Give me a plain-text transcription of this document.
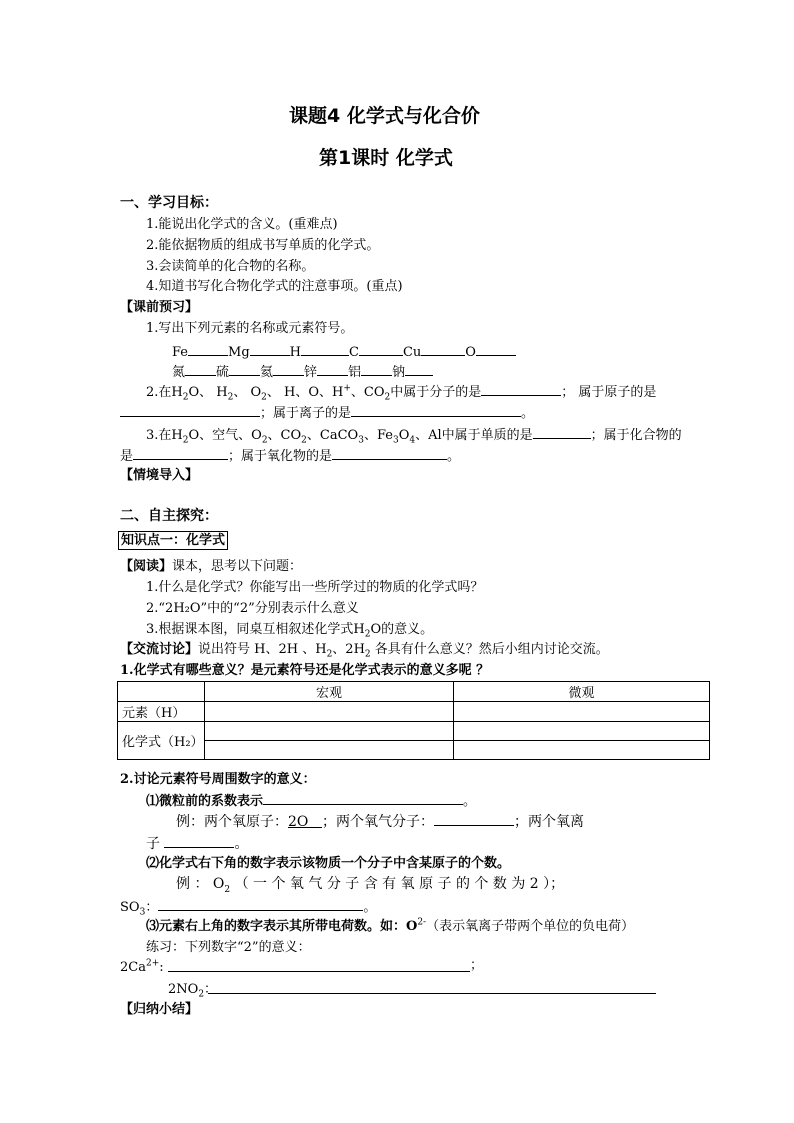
课题4 化学式与化合价
第1课时 化学式
一、学习目标：
1.能说出化学式的含义。(重难点)
2.能依据物质的组成书写单质的化学式。
3.会读简单的化合物的名称。
4.知道书写化合物化学式的注意事项。(重点)
【课前预习】
1.写出下列元素的名称或元素符号。
Fe	Mg	H	C	Cu	O
氮 硫 氦 锌 铝 钠
2.在$H_2O$、 $H_2$、 $O_2$、 H、O、H+、$CO_2$中属于分子的是	； 属于原子的是
；属于离子的是	。
3.在$H_2O$、空气、$O_2$、$CO_2$、CaCO$_3$、$Fe_3O_4$、Al中属于单质的是	；属于化合物的
是	；属于氧化物的是	。
【情境导入】
二、自主探究：
知识点一：化学式
【阅读】课本，思考以下问题：
1.什么是化学式？你能写出一些所学过的物质的化学式吗？
2.“2H₂O”中的“2”分别表示什么意义
3.根据课本图，同桌互相叙述化学式$H_2O$的意义。
【交流讨论】说出符号 H、2H 、$H_2$、$2H_2$ 各具有什么意义？然后小组内讨论交流。
1.化学式有哪些意义？是元素符号还是化学式表示的意义多呢 ？
	宏观	微观
元素（H）		
化学式（H₂）		

2.讨论元素符号周围数字的意义：
⑴微粒前的系数表示	。
例：两个氧原子：2O ；两个氧气分子：	；两个氧离
子	。
⑵化学式右下角的数字表示该物质一个分子中含某原子的个数。
例 ： $O_2$ （ 一 个 氧 气 分 子 含 有 氧 原 子 的 个 数 为 2 ）；
$SO_3$：	。
⑶元素右上角的数字表示其所带电荷数。如：$O^{2-}$（表示氧离子带两个单位的负电荷）
练习：下列数字“2”的意义：
$2Ca^{2+}$:	；
$2NO_2$：
【归纳小结】
